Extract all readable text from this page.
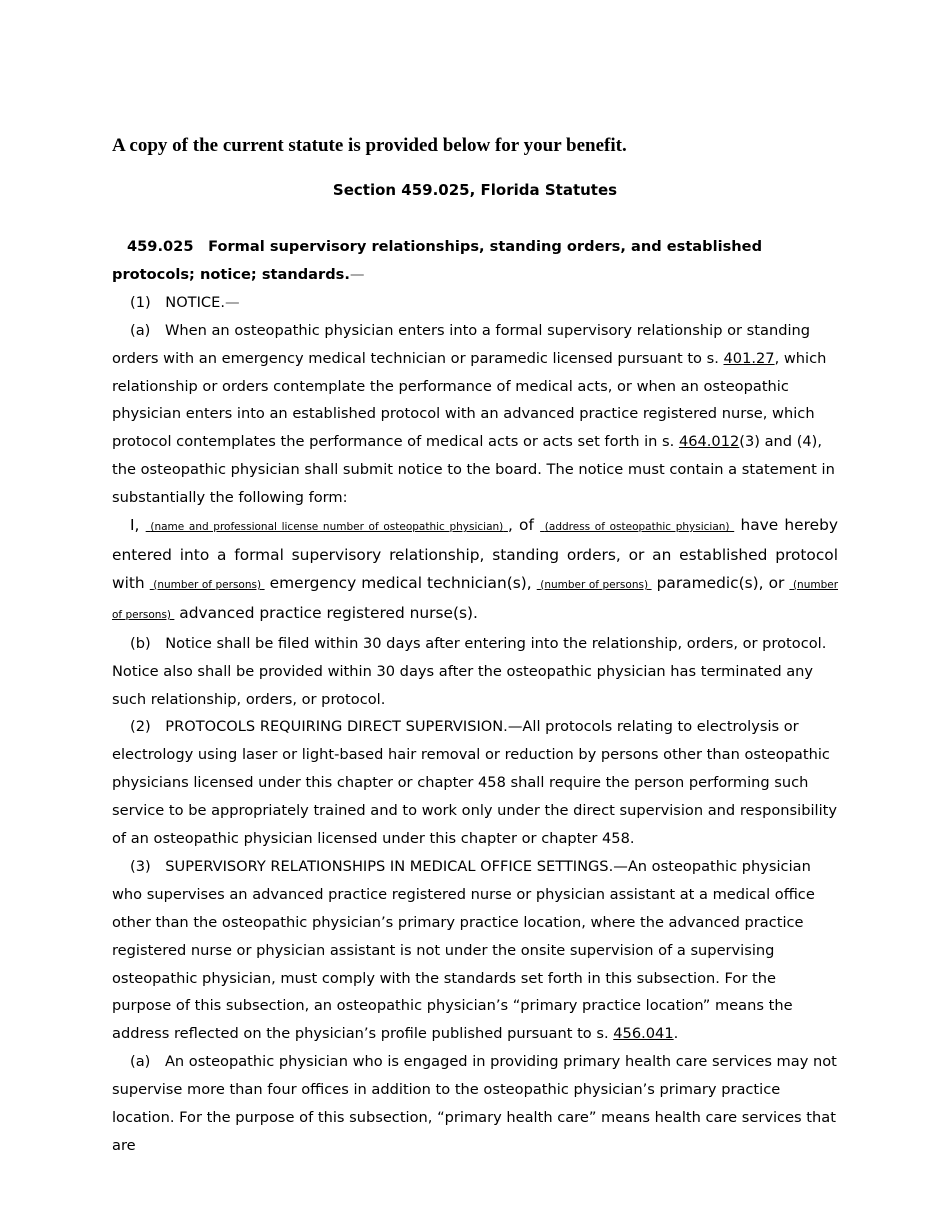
A copy of the current statute is provided below for your benefit.
Section 459.025, Florida Statutes

459.025  Formal supervisory relationships, standing orders, and established protocols; notice; standards.—

(1)  NOTICE.—

(a)  When an osteopathic physician enters into a formal supervisory relationship or standing orders with an emergency medical technician or paramedic licensed pursuant to s. 401.27, which relationship or orders contemplate the performance of medical acts, or when an osteopathic physician enters into an established protocol with an advanced practice registered nurse, which protocol contemplates the performance of medical acts or acts set forth in s. 464.012(3) and (4), the osteopathic physician shall submit notice to the board. The notice must contain a statement in substantially the following form:

I, (name and professional license number of osteopathic physician) , of (address of osteopathic physician) have hereby entered into a formal supervisory relationship, standing orders, or an established protocol with (number of persons) emergency medical technician(s), (number of persons) paramedic(s), or (number of persons) advanced practice registered nurse(s).

(b)  Notice shall be filed within 30 days after entering into the relationship, orders, or protocol. Notice also shall be provided within 30 days after the osteopathic physician has terminated any such relationship, orders, or protocol.

(2)  PROTOCOLS REQUIRING DIRECT SUPERVISION.—All protocols relating to electrolysis or electrology using laser or light-based hair removal or reduction by persons other than osteopathic physicians licensed under this chapter or chapter 458 shall require the person performing such service to be appropriately trained and to work only under the direct supervision and responsibility of an osteopathic physician licensed under this chapter or chapter 458.

(3)  SUPERVISORY RELATIONSHIPS IN MEDICAL OFFICE SETTINGS.—An osteopathic physician who supervises an advanced practice registered nurse or physician assistant at a medical office other than the osteopathic physician’s primary practice location, where the advanced practice registered nurse or physician assistant is not under the onsite supervision of a supervising osteopathic physician, must comply with the standards set forth in this subsection. For the purpose of this subsection, an osteopathic physician’s “primary practice location” means the address reflected on the physician’s profile published pursuant to s. 456.041.

(a)  An osteopathic physician who is engaged in providing primary health care services may not supervise more than four offices in addition to the osteopathic physician’s primary practice location. For the purpose of this subsection, “primary health care” means health care services that are
